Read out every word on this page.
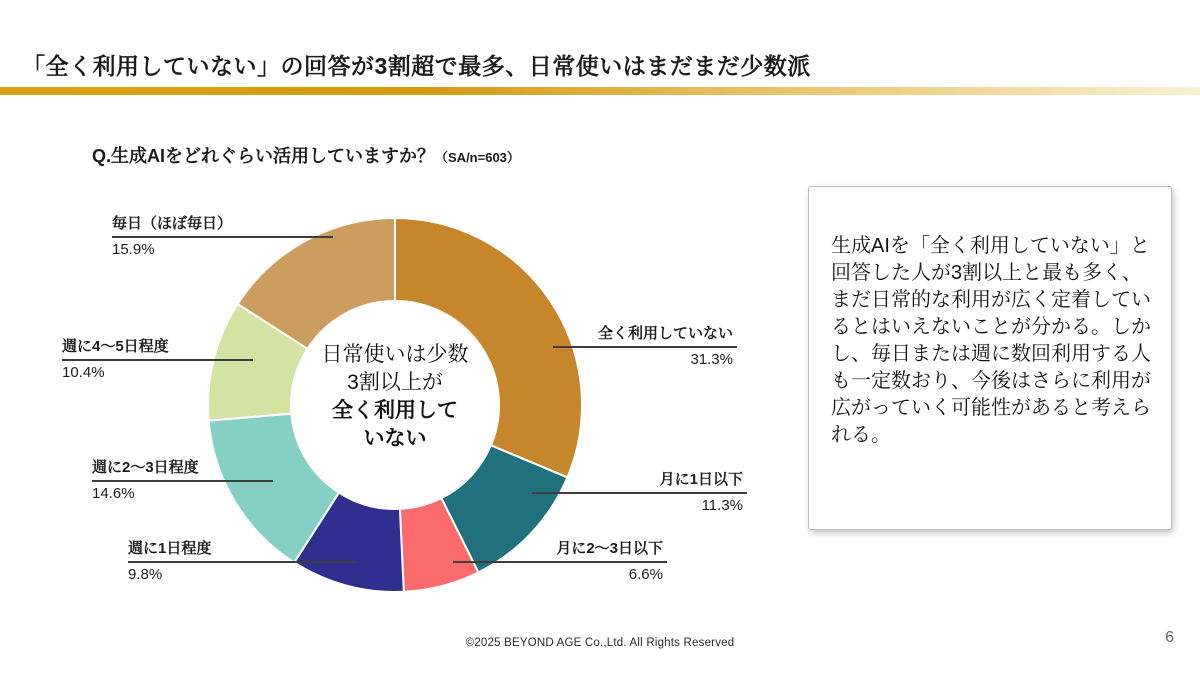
「全く利用していない」の回答が3割超で最多、日常使いはまだまだ少数派
Q.生成AIをどれぐらい活用していますか？（SA/n=603）
日常使いは少数
3割以上が
全く利用して
いない
全く利用していない
31.3%
月に1日以下
11.3%
月に2～3日以下
6.6%
週に1日程度
9.8%
週に2～3日程度
14.6%
週に4～5日程度
10.4%
毎日（ほぼ毎日）
15.9%	生成AIを「全く利用していない」と回答した人が3割以上と最も多く、まだ日常的な利用が広く定着しているとはいえないことが分かる。しかし、毎日または週に数回利用する人も一定数おり、今後はさらに利用が広がっていく可能性があると考えられる。

©2025 BEYOND AGE Co.,Ltd. All Rights Reserved	6
